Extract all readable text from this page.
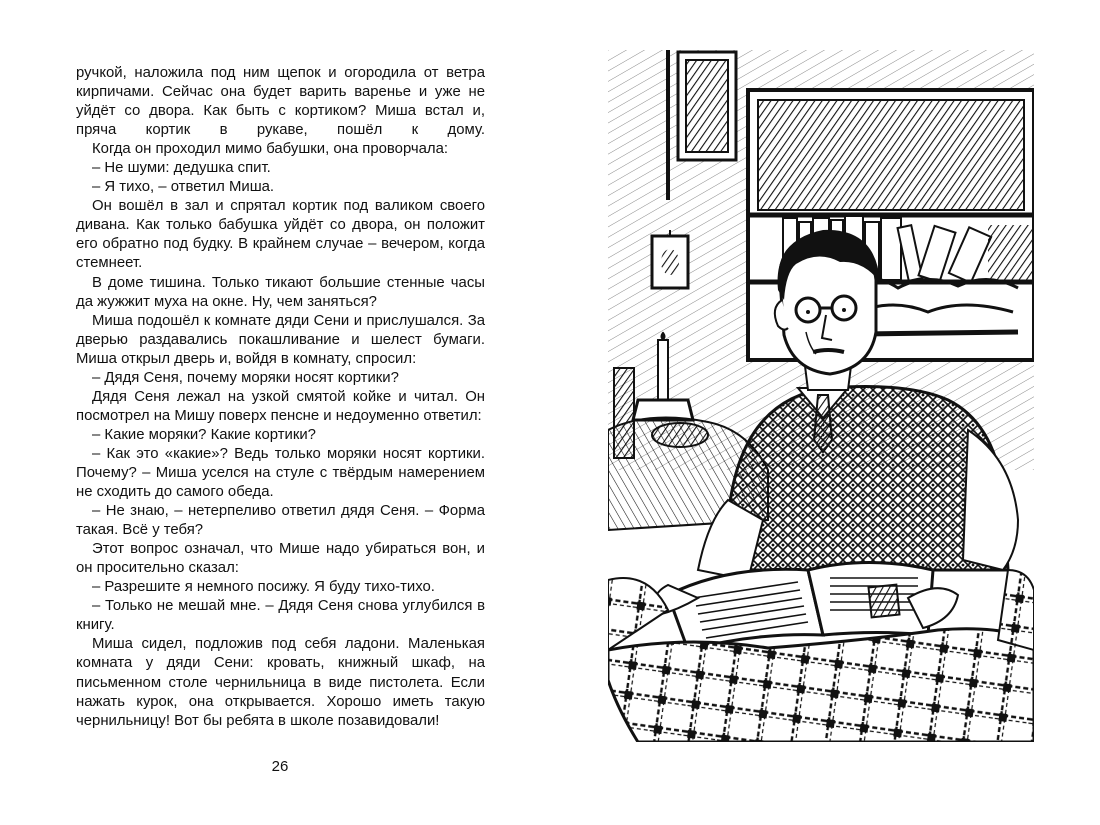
ручкой, наложила под ним щепок и огородила от ветра кирпичами. Сейчас она будет варить варенье и уже не уйдёт со двора. Как быть с кортиком? Миша встал и, пряча кортик в рукаве, пошёл к дому.

Когда он проходил мимо бабушки, она проворчала:

– Не шуми: дедушка спит.

– Я тихо, – ответил Миша.

Он вошёл в зал и спрятал кортик под валиком своего дивана. Как только бабушка уйдёт со двора, он положит его обратно под будку. В крайнем случае – вечером, когда стемнеет.

В доме тишина. Только тикают большие стенные часы да жужжит муха на окне. Ну, чем заняться?

Миша подошёл к комнате дяди Сени и прислушался. За дверью раздавались покашливание и шелест бумаги. Миша открыл дверь и, войдя в комнату, спросил:

– Дядя Сеня, почему моряки носят кортики?

Дядя Сеня лежал на узкой смятой койке и читал. Он посмотрел на Мишу поверх пенсне и недоуменно ответил:

– Какие моряки? Какие кортики?

– Как это «какие»? Ведь только моряки носят кортики. Почему? – Миша уселся на стуле с твёрдым намерением не сходить до самого обеда.

– Не знаю, – нетерпеливо ответил дядя Сеня. – Форма такая. Всё у тебя?

Этот вопрос означал, что Мише надо убираться вон, и он просительно сказал:

– Разрешите я немного посижу. Я буду тихо-тихо.

– Только не мешай мне. – Дядя Сеня снова углубился в книгу.

Миша сидел, подложив под себя ладони. Маленькая комната у дяди Сени: кровать, книжный шкаф, на письменном столе чернильница в виде пистолета. Если нажать курок, она открывается. Хорошо иметь такую чернильницу! Вот бы ребята в школе позавидовали!

26
